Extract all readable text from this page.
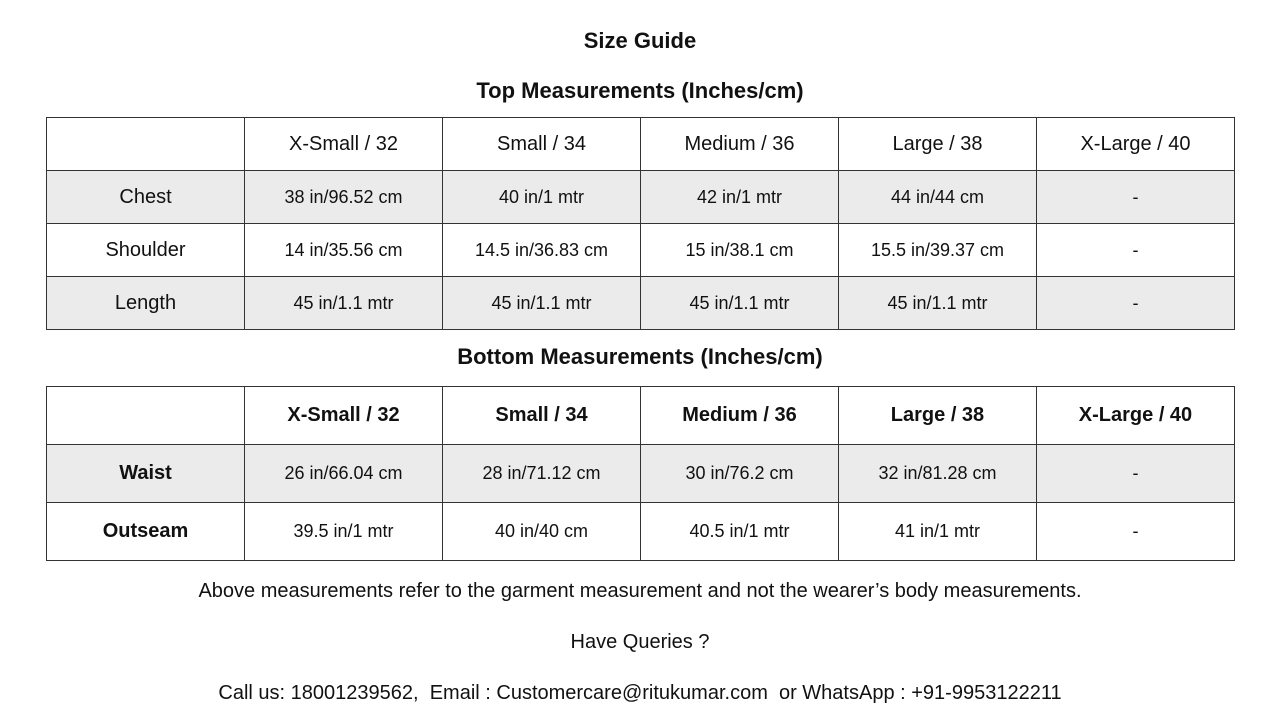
Size Guide
Top Measurements (Inches/cm)
	X-Small / 32	Small / 34	Medium / 36	Large / 38	X-Large / 40
Chest	38 in/96.52 cm	40 in/1 mtr	42 in/1 mtr	44 in/44 cm	-
Shoulder	14 in/35.56 cm	14.5 in/36.83 cm	15 in/38.1 cm	15.5 in/39.37 cm	-
Length	45 in/1.1 mtr	45 in/1.1 mtr	45 in/1.1 mtr	45 in/1.1 mtr	-
Bottom Measurements (Inches/cm)
	X-Small / 32	Small / 34	Medium / 36	Large / 38	X-Large / 40
Waist	26 in/66.04 cm	28 in/71.12 cm	30 in/76.2 cm	32 in/81.28 cm	-
Outseam	39.5 in/1 mtr	40 in/40 cm	40.5 in/1 mtr	41 in/1 mtr	-
Above measurements refer to the garment measurement and not the wearer’s body measurements.
Have Queries ?
Call us: 18001239562,  Email : Customercare@ritukumar.com  or WhatsApp : +91-9953122211
